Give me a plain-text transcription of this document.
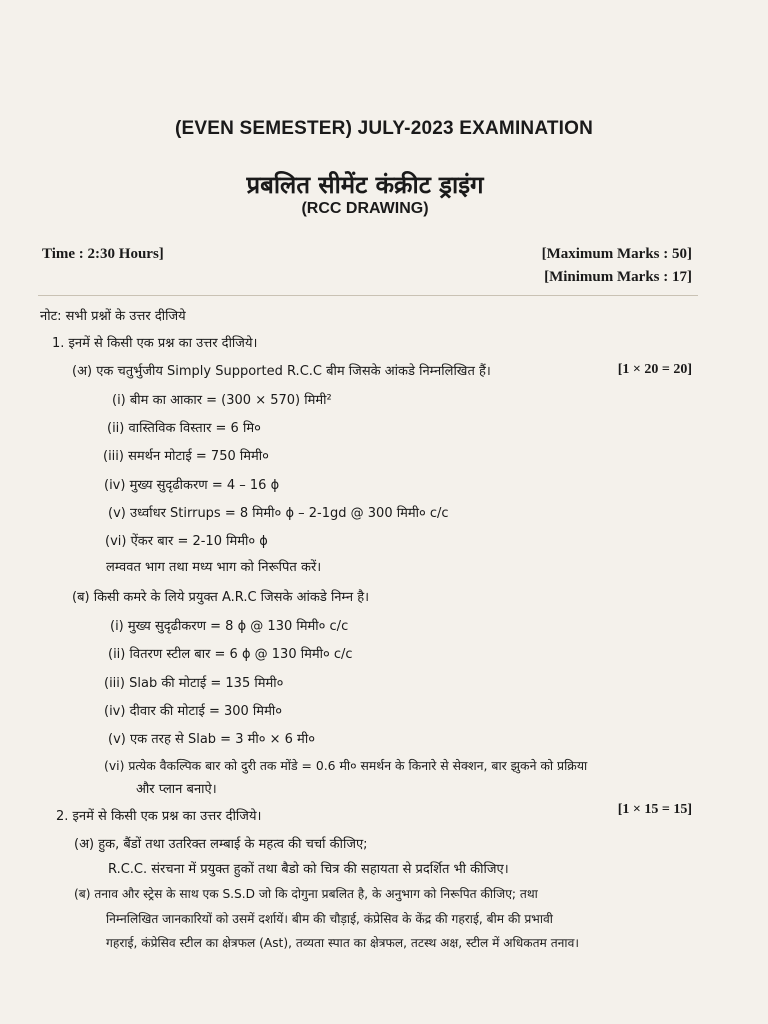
(EVEN SEMESTER) JULY-2023 EXAMINATION
प्रबलित सीमेंट कंक्रीट ड्राइंग
(RCC DRAWING)
Time : 2:30 Hours]	[Maximum Marks : 50]
[Minimum Marks : 17]
नोट: सभी प्रश्नों के उत्तर दीजिये
1. इनमें से किसी एक प्रश्न का उत्तर दीजिये।
(अ) एक चतुर्भुजीय Simply Supported R.C.C बीम जिसके आंकडे निम्नलिखित हैं।	[1 × 20 = 20]
(i) बीम का आकार = (300 × 570) मिमी²
(ii) वास्तिविक विस्तार = 6 मि०
(iii) समर्थन मोटाई = 750 मिमी०
(iv) मुख्य सुदृढीकरण = 4 – 16 ϕ
(v) उर्ध्वाधर Stirrups = 8 मिमी० ϕ – 2-1gd @ 300 मिमी० c/c
(vi) ऐंकर बार = 2-10 मिमी० ϕ
लम्ववत भाग तथा मध्य भाग को निरूपित करें।
(ब) किसी कमरे के लिये प्रयुक्त A.R.C जिसके आंकडे निम्न है।
(i) मुख्य सुदृढीकरण = 8 ϕ @ 130 मिमी० c/c
(ii) वितरण स्टील बार = 6 ϕ @ 130 मिमी० c/c
(iii) Slab की मोटाई = 135 मिमी०
(iv) दीवार की मोटाई = 300 मिमी०
(v) एक तरह से Slab = 3 मी० × 6 मी०
(vi) प्रत्येक वैकल्पिक बार को दुरी तक मोंडे = 0.6 मी० समर्थन के किनारे से सेक्शन, बार झुकने को प्रक्रिया
और प्लान बनाऐ।
2. इनमें से किसी एक प्रश्न का उत्तर दीजिये।	[1 × 15 = 15]
(अ) हुक, बैंडों तथा उतरिक्त लम्बाई के महत्व की चर्चा कीजिए;
R.C.C. संरचना में प्रयुक्त हुकों तथा बैडो को चित्र की सहायता से प्रदर्शित भी कीजिए।
(ब) तनाव और स्ट्रेस के साथ एक S.S.D जो कि दोगुना प्रबलित है, के अनुभाग को निरूपित कीजिए; तथा
निम्नलिखित जानकारियों को उसमें दर्शायें। बीम की चौड़ाई, कंप्रेसिव के केंद्र की गहराई, बीम की प्रभावी
गहराई, कंप्रेसिव स्टील का क्षेत्रफल (Ast), तव्यता स्पात का क्षेत्रफल, तटस्थ अक्ष, स्टील में अधिकतम तनाव।
